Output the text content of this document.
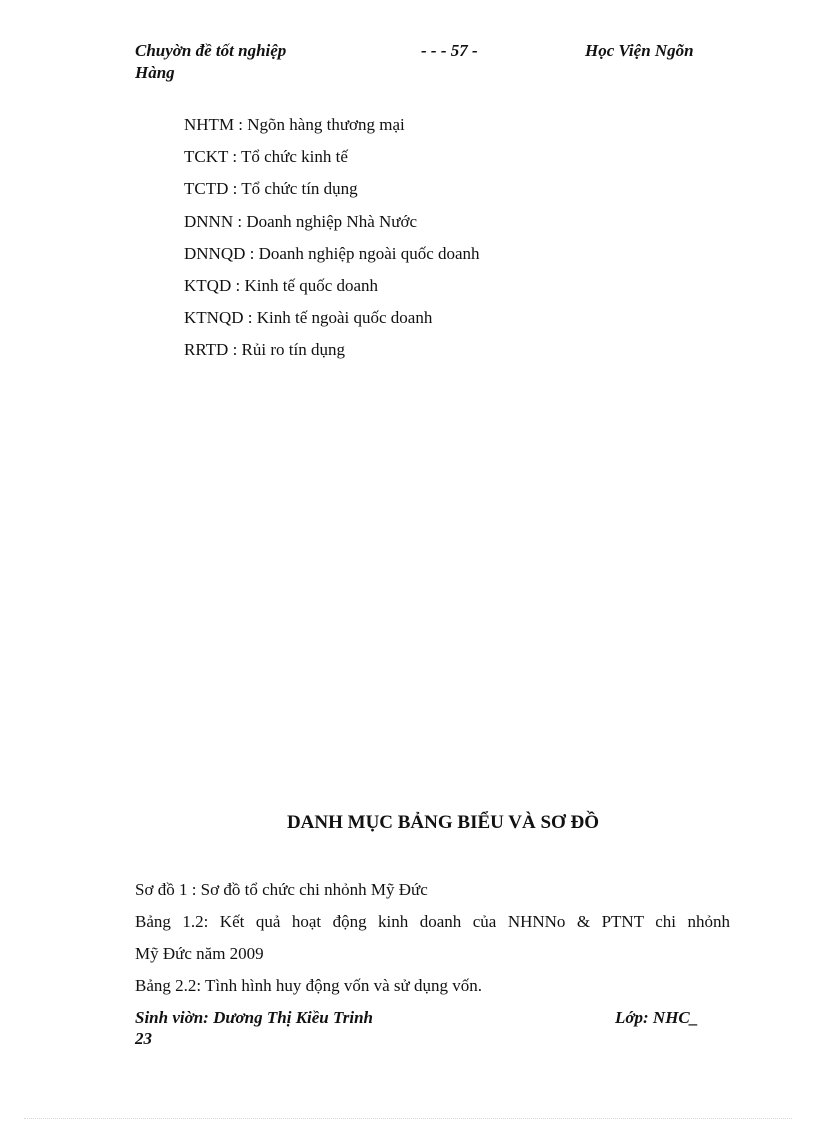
Chuyờn đề tốt nghiệp
Hàng
- - - 57 -	Học Viện Ngõn
NHTM : Ngõn hàng thương mại
TCKT : Tổ chức kinh tế
TCTD : Tổ chức tín dụng
DNNN : Doanh nghiệp Nhà Nước
DNNQD : Doanh nghiệp ngoài quốc doanh
KTQD : Kinh tế quốc doanh
KTNQD : Kinh tế ngoài quốc doanh
RRTD : Rủi ro tín dụng
DANH MỤC BẢNG BIỂU VÀ SƠ ĐỒ
Sơ đồ 1 : Sơ đồ tổ chức chi nhỏnh Mỹ Đức
Bảng 1.2: Kết quả hoạt động kinh doanh của NHNNo & PTNT chi nhỏnh
Mỹ Đức năm 2009
Bảng 2.2: Tình hình huy động vốn và sử dụng vốn.
Sinh viờn: Dương Thị Kiều Trinh	Lớp: NHC_
23
